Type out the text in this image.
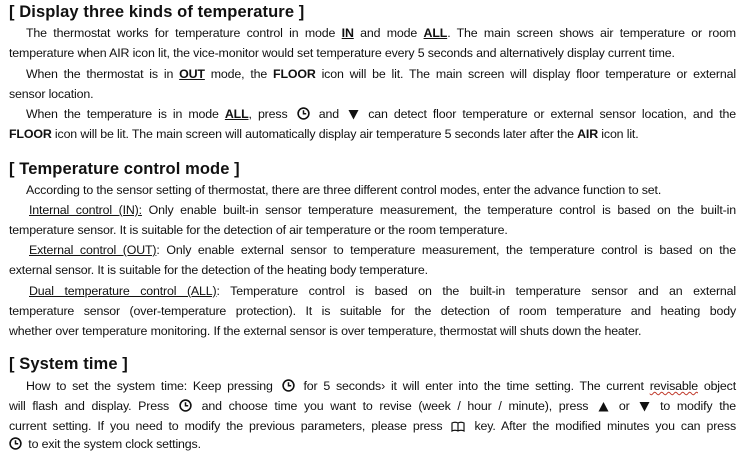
[ Display three kinds of temperature ]
The thermostat works for temperature control in mode IN and mode ALL. The main screen shows air temperature or room
temperature when AIR icon lit, the vice-monitor would set temperature every 5 seconds and alternatively display current time.
When the thermostat is in OUT mode, the FLOOR icon will be lit. The main screen will display floor temperature or external
sensor location.
When the temperature is in mode ALL, press
and
can detect floor temperature or external sensor location, and the
FLOOR icon will be lit. The main screen will automatically display air temperature 5 seconds later after the AIR icon lit.
[ Temperature control mode ]
According to the sensor setting of thermostat, there are three different control modes, enter the advance function to set.
Internal control (IN): Only enable built-in sensor temperature measurement, the temperature control is based on the built-in
temperature sensor. It is suitable for the detection of air temperature or the room temperature.
External control (OUT): Only enable external sensor to temperature measurement, the temperature control is based on the
external sensor. It is suitable for the detection of the heating body temperature.
Dual temperature control (ALL): Temperature control is based on the built-in temperature sensor and an external
temperature sensor (over-temperature protection). It is suitable for the detection of room temperature and heating body
whether over temperature monitoring. If the external sensor is over temperature, thermostat will shuts down the heater.
[ System time ]
How to set the system time: Keep pressing
for 5 seconds› it will enter into the time setting. The current revisable object
will flash and display. Press
and choose time you want to revise (week / hour / minute), press
or
to modify the
current setting. If you need to modify the previous parameters, please press
key. After the modified minutes you can press
to exit the system clock settings.
